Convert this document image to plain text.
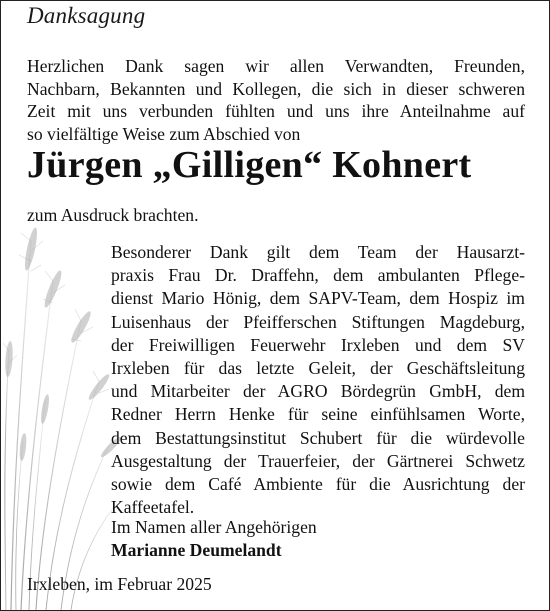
Danksagung
Herzlichen Dank sagen wir allen Verwandten, Freunden,
Nachbarn, Bekannten und Kollegen, die sich in dieser schweren
Zeit mit uns verbunden fühlten und uns ihre Anteilnahme auf
so vielfältige Weise zum Abschied von
Jürgen „Gilligen“ Kohnert
zum Ausdruck brachten.
Besonderer Dank gilt dem Team der Hausarzt-
praxis Frau Dr. Draffehn, dem ambulanten Pflege-
dienst Mario Hönig, dem SAPV-Team, dem Hospiz im
Luisenhaus der Pfeifferschen Stiftungen Magdeburg,
der Freiwilligen Feuerwehr Irxleben und dem SV
Irxleben für das letzte Geleit, der Geschäftsleitung
und Mitarbeiter der AGRO Bördegrün GmbH, dem
Redner Herrn Henke für seine einfühlsamen Worte,
dem Bestattungsinstitut Schubert für die würdevolle
Ausgestaltung der Trauerfeier, der Gärtnerei Schwetz
sowie dem Café Ambiente für die Ausrichtung der
Kaffeetafel.
Im Namen aller Angehörigen
Marianne Deumelandt
Irxleben, im Februar 2025
